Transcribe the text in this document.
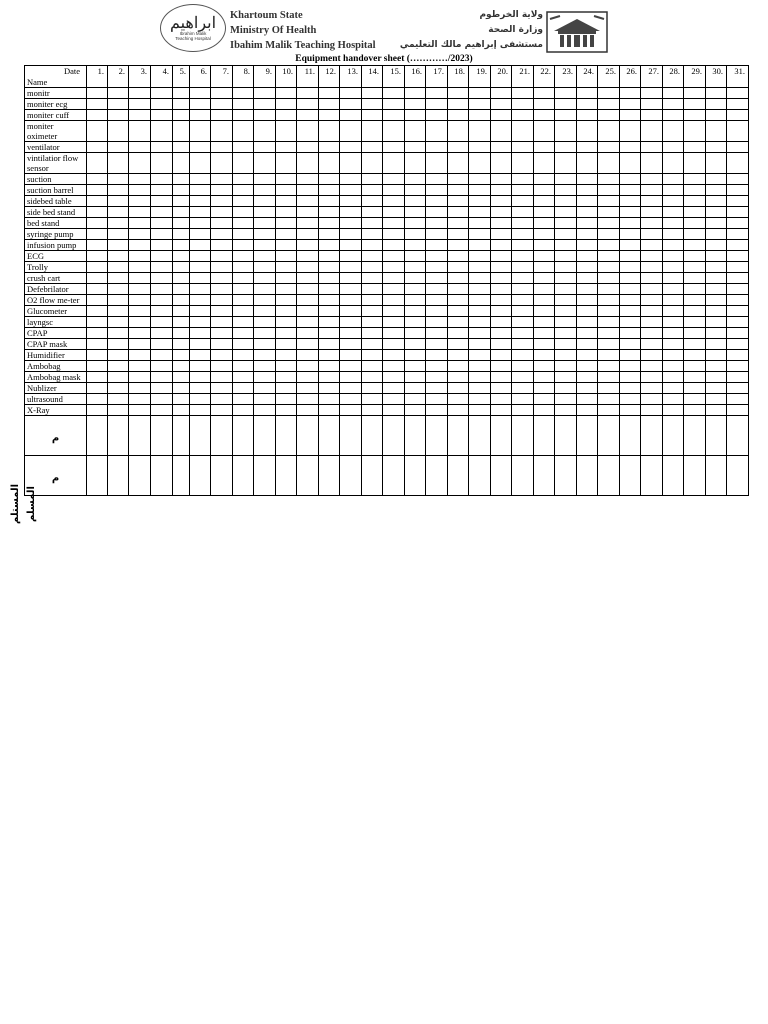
ابراهيم
Ibrahim Malik
Teaching Hospital
Khartoum State
Ministry Of Health
Ibahim Malik Teaching Hospital
ولاية الخرطوم
وزارة الصحة
مستشفى إبراهيم مالك التعليمي
Equipment handover sheet (…………/2023)
Date
Name	1.	2.	3.	4.	5.	6.	7.	8.	9.	10.	11.	12.	13.	14.	15.	16.	17.	18.	19.	20.	21.	22.	23.	24.	25.	26.	27.	28.	29.	30.	31.
monitr																															
moniter ecg																															
moniter cuff																															
moniter oximeter																															
ventilator																															
vintilatior flow sensor																															
suction																															
suction barrel																															
sidebed table																															
side bed stand																															
bed stand																															
syringe pump																															
infusion pump																															
ECG																															
Trolly																															
crush cart																															
Defebrilator																															
O2 flow me-ter																															
Glucometer																															
layngsc																															
CPAP																															
CPAP mask																															
Humidifier																															
Ambobag																															
Ambobag mask																															
Nublizer																															
ultrasound																															
X-Ray																															

م																															

م																															

المستلم المسلم
